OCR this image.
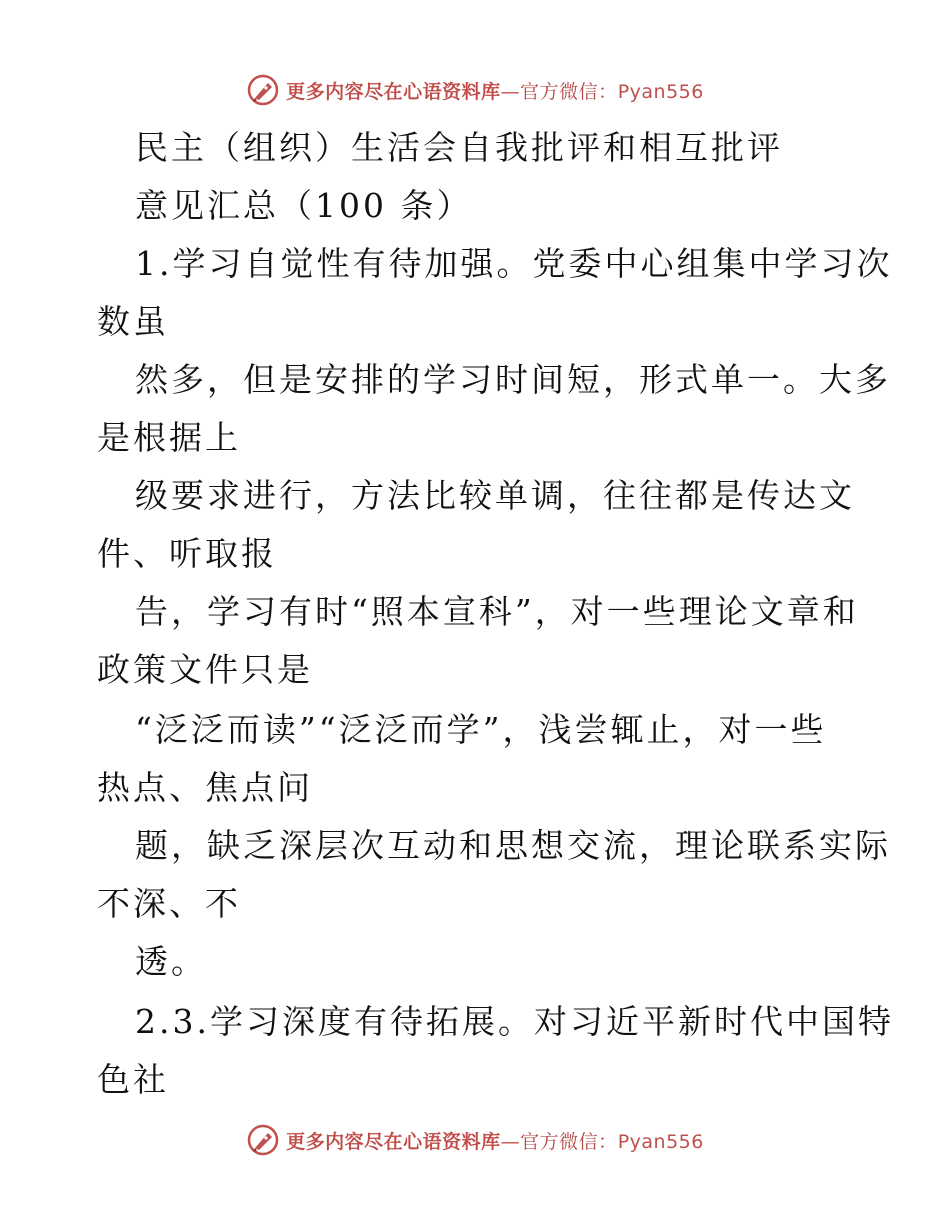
更多内容尽在心语资料库—官方微信：Pyan556
民主（组织）生活会自我批评和相互批评
意见汇总（100 条）
1.学习自觉性有待加强。党委中心组集中学习次
数虽
然多，但是安排的学习时间短，形式单一。大多
是根据上
级要求进行，方法比较单调，往往都是传达文
件、听取报
告，学习有时“照本宣科”，对一些理论文章和
政策文件只是
“泛泛而读”“泛泛而学”，浅尝辄止，对一些
热点、焦点问
题，缺乏深层次互动和思想交流，理论联系实际
不深、不
透。
2.3.学习深度有待拓展。对习近平新时代中国特
色社
更多内容尽在心语资料库—官方微信：Pyan556
